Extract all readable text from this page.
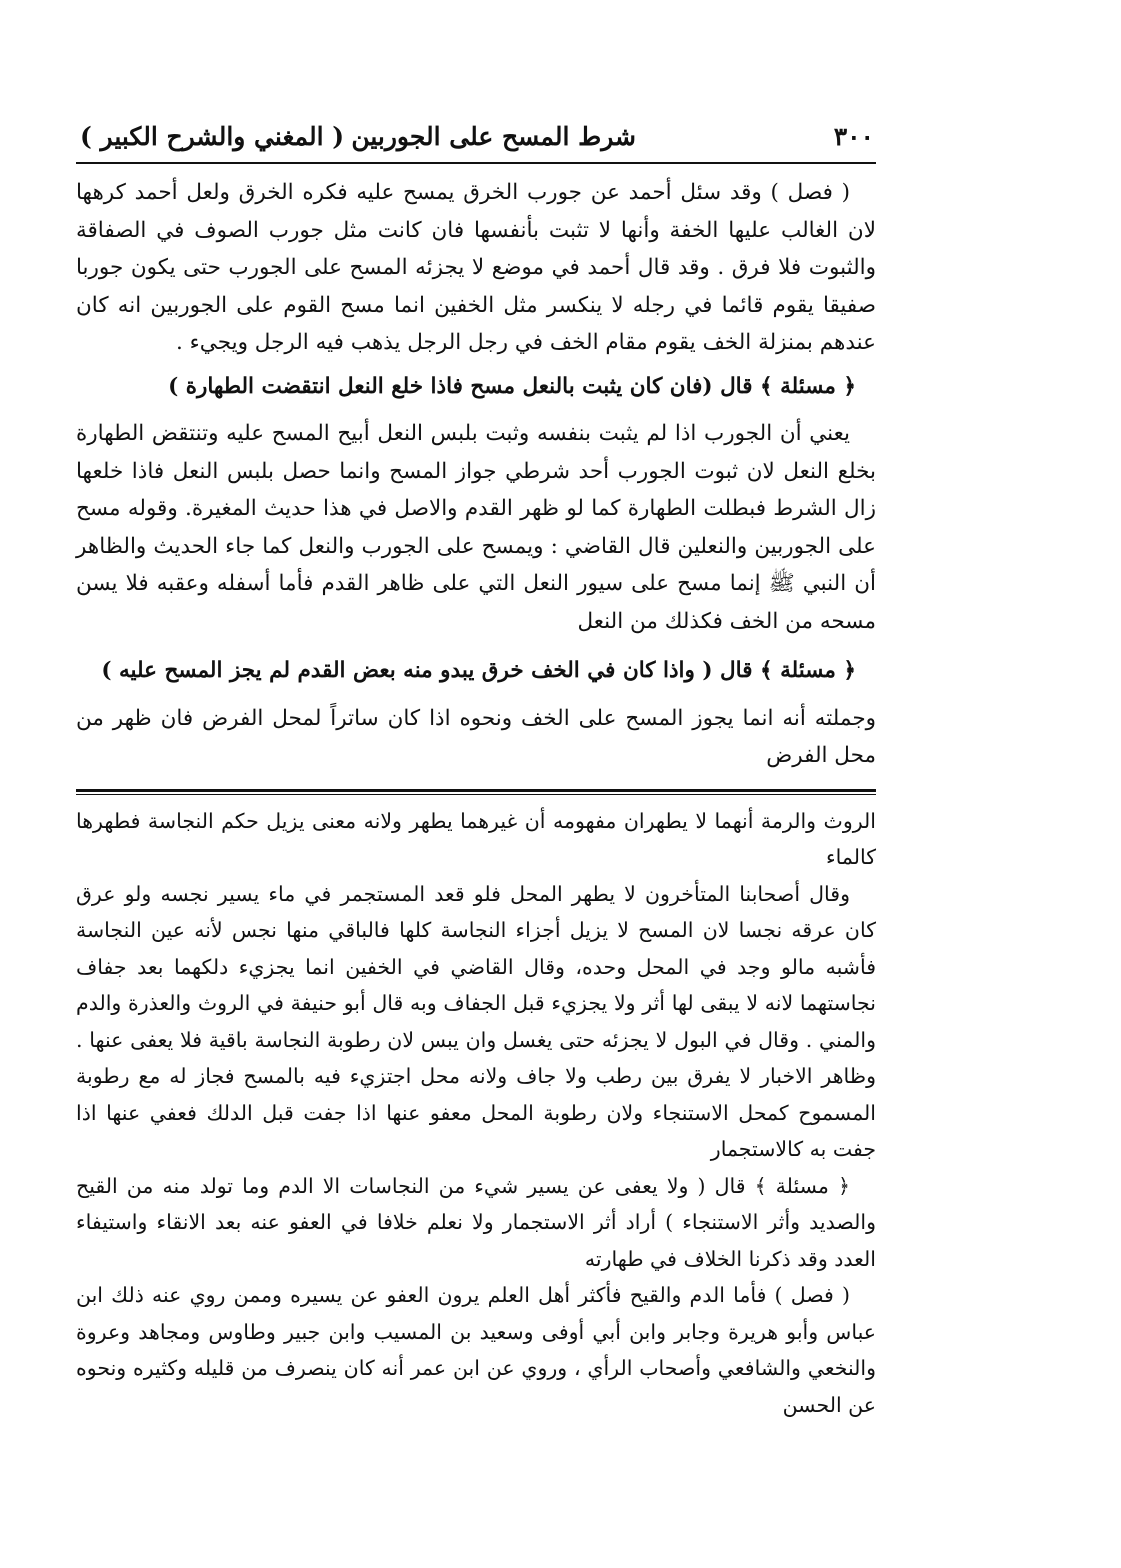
٣٠٠
شرط المسح على الجوربين
( المغني والشرح الكبير )

( فصل ) وقد سئل أحمد عن جورب الخرق يمسح عليه فكره الخرق ولعل أحمد كرهها لان الغالب عليها الخفة وأنها لا تثبت بأنفسها فان كانت مثل جورب الصوف في الصفاقة والثبوت فلا فرق . وقد قال أحمد في موضع لا يجزئه المسح على الجورب حتى يكون جوربا صفيقا يقوم قائما في رجله لا ينكسر مثل الخفين انما مسح القوم على الجوربين انه كان عندهم بمنزلة الخف يقوم مقام الخف في رجل الرجل يذهب فيه الرجل ويجيء .

﴿ مسئلة ﴾ قال (فان كان يثبت بالنعل مسح فاذا خلع النعل انتقضت الطهارة )

يعني أن الجورب اذا لم يثبت بنفسه وثبت بلبس النعل أبيح المسح عليه وتنتقض الطهارة بخلع النعل لان ثبوت الجورب أحد شرطي جواز المسح وانما حصل بلبس النعل فاذا خلعها زال الشرط فبطلت الطهارة كما لو ظهر القدم والاصل في هذا حديث المغيرة. وقوله مسح على الجوربين والنعلين قال القاضي : ويمسح على الجورب والنعل كما جاء الحديث والظاهر أن النبي ﷺ إنما مسح على سيور النعل التي على ظاهر القدم فأما أسفله وعقبه فلا يسن مسحه من الخف فكذلك من النعل

﴿ مسئلة ﴾ قال ( واذا كان في الخف خرق يبدو منه بعض القدم لم يجز المسح عليه )

وجملته أنه انما يجوز المسح على الخف ونحوه اذا كان ساتراً لمحل الفرض فان ظهر من محل الفرض

الروث والرمة أنهما لا يطهران مفهومه أن غيرهما يطهر ولانه معنى يزيل حكم النجاسة فطهرها كالماء

وقال أصحابنا المتأخرون لا يطهر المحل فلو قعد المستجمر في ماء يسير نجسه ولو عرق كان عرقه نجسا لان المسح لا يزيل أجزاء النجاسة كلها فالباقي منها نجس لأنه عين النجاسة فأشبه مالو وجد في المحل وحده، وقال القاضي في الخفين انما يجزيء دلكهما بعد جفاف نجاستهما لانه لا يبقى لها أثر ولا يجزيء قبل الجفاف وبه قال أبو حنيفة في الروث والعذرة والدم والمني . وقال في البول لا يجزئه حتى يغسل وان يبس لان رطوبة النجاسة باقية فلا يعفى عنها . وظاهر الاخبار لا يفرق بين رطب ولا جاف ولانه محل اجتزيء فيه بالمسح فجاز له مع رطوبة المسموح كمحل الاستنجاء ولان رطوبة المحل معفو عنها اذا جفت قبل الدلك فعفي عنها اذا جفت به كالاستجمار

﴿ مسئلة ﴾ قال ( ولا يعفى عن يسير شيء من النجاسات الا الدم وما تولد منه من القيح والصديد وأثر الاستنجاء ) أراد أثر الاستجمار ولا نعلم خلافا في العفو عنه بعد الانقاء واستيفاء العدد وقد ذكرنا الخلاف في طهارته

( فصل ) فأما الدم والقيح فأكثر أهل العلم يرون العفو عن يسيره وممن روي عنه ذلك ابن عباس وأبو هريرة وجابر وابن أبي أوفى وسعيد بن المسيب وابن جبير وطاوس ومجاهد وعروة والنخعي والشافعي وأصحاب الرأي ، وروي عن ابن عمر أنه كان ينصرف من قليله وكثيره ونحوه عن الحسن
